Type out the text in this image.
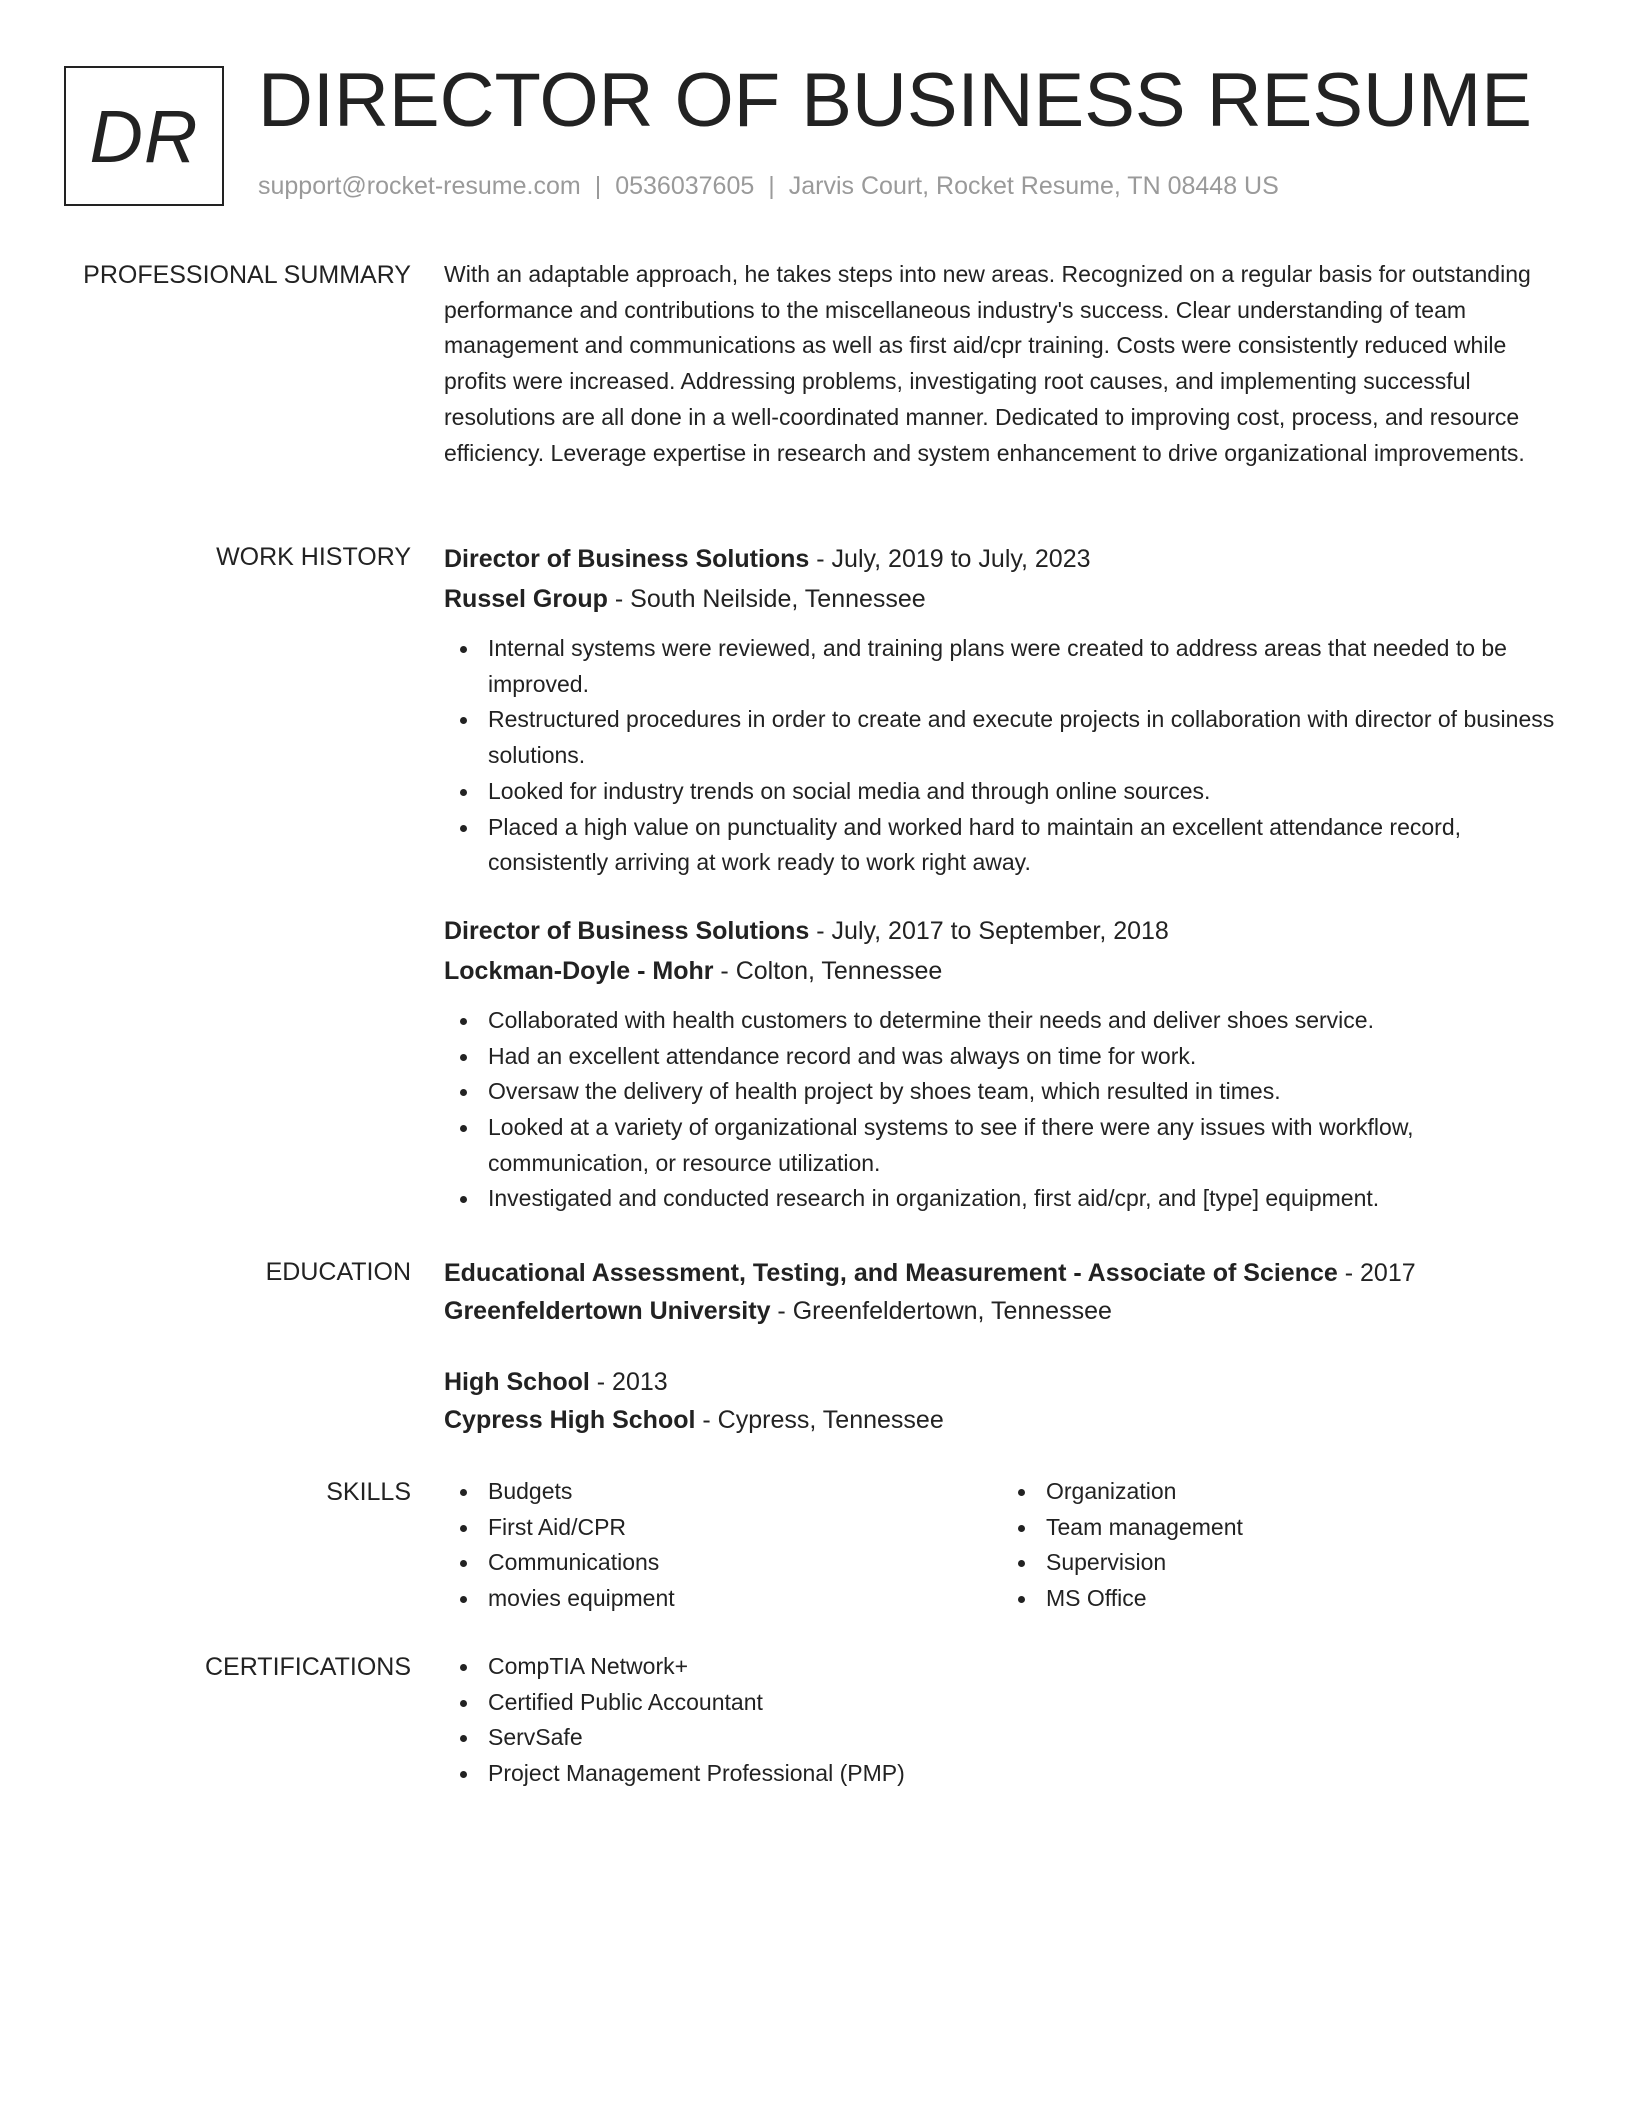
DR DIRECTOR OF BUSINESS RESUME
support@rocket-resume.com | 0536037605 | Jarvis Court, Rocket Resume, TN 08448 US
PROFESSIONAL SUMMARY With an adaptable approach, he takes steps into new areas. Recognized on a regular basis for outstanding performance and contributions to the miscellaneous industry's success. Clear understanding of team management and communications as well as first aid/cpr training. Costs were consistently reduced while profits were increased. Addressing problems, investigating root causes, and implementing successful resolutions are all done in a well-coordinated manner. Dedicated to improving cost, process, and resource efficiency. Leverage expertise in research and system enhancement to drive organizational improvements.

WORK HISTORY Director of Business Solutions - July, 2019 to July, 2023
Russel Group - South Neilside, Tennessee
Internal systems were reviewed, and training plans were created to address areas that needed to be improved.
Restructured procedures in order to create and execute projects in collaboration with director of business solutions.
Looked for industry trends on social media and through online sources.
Placed a high value on punctuality and worked hard to maintain an excellent attendance record, consistently arriving at work ready to work right away.
Director of Business Solutions - July, 2017 to September, 2018
Lockman-Doyle - Mohr - Colton, Tennessee
Collaborated with health customers to determine their needs and deliver shoes service.
Had an excellent attendance record and was always on time for work.
Oversaw the delivery of health project by shoes team, which resulted in times.
Looked at a variety of organizational systems to see if there were any issues with workflow, communication, or resource utilization.
Investigated and conducted research in organization, first aid/cpr, and [type] equipment.
EDUCATION Educational Assessment, Testing, and Measurement - Associate of Science - 2017
Greenfeldertown University - Greenfeldertown, Tennessee
High School - 2013
Cypress High School - Cypress, Tennessee
SKILLS	Budgets
First Aid/CPR
Communications
movies equipment
Organization
Team management
Supervision
MS Office
CERTIFICATIONS	CompTIA Network+
Certified Public Accountant
ServSafe
Project Management Professional (PMP)
